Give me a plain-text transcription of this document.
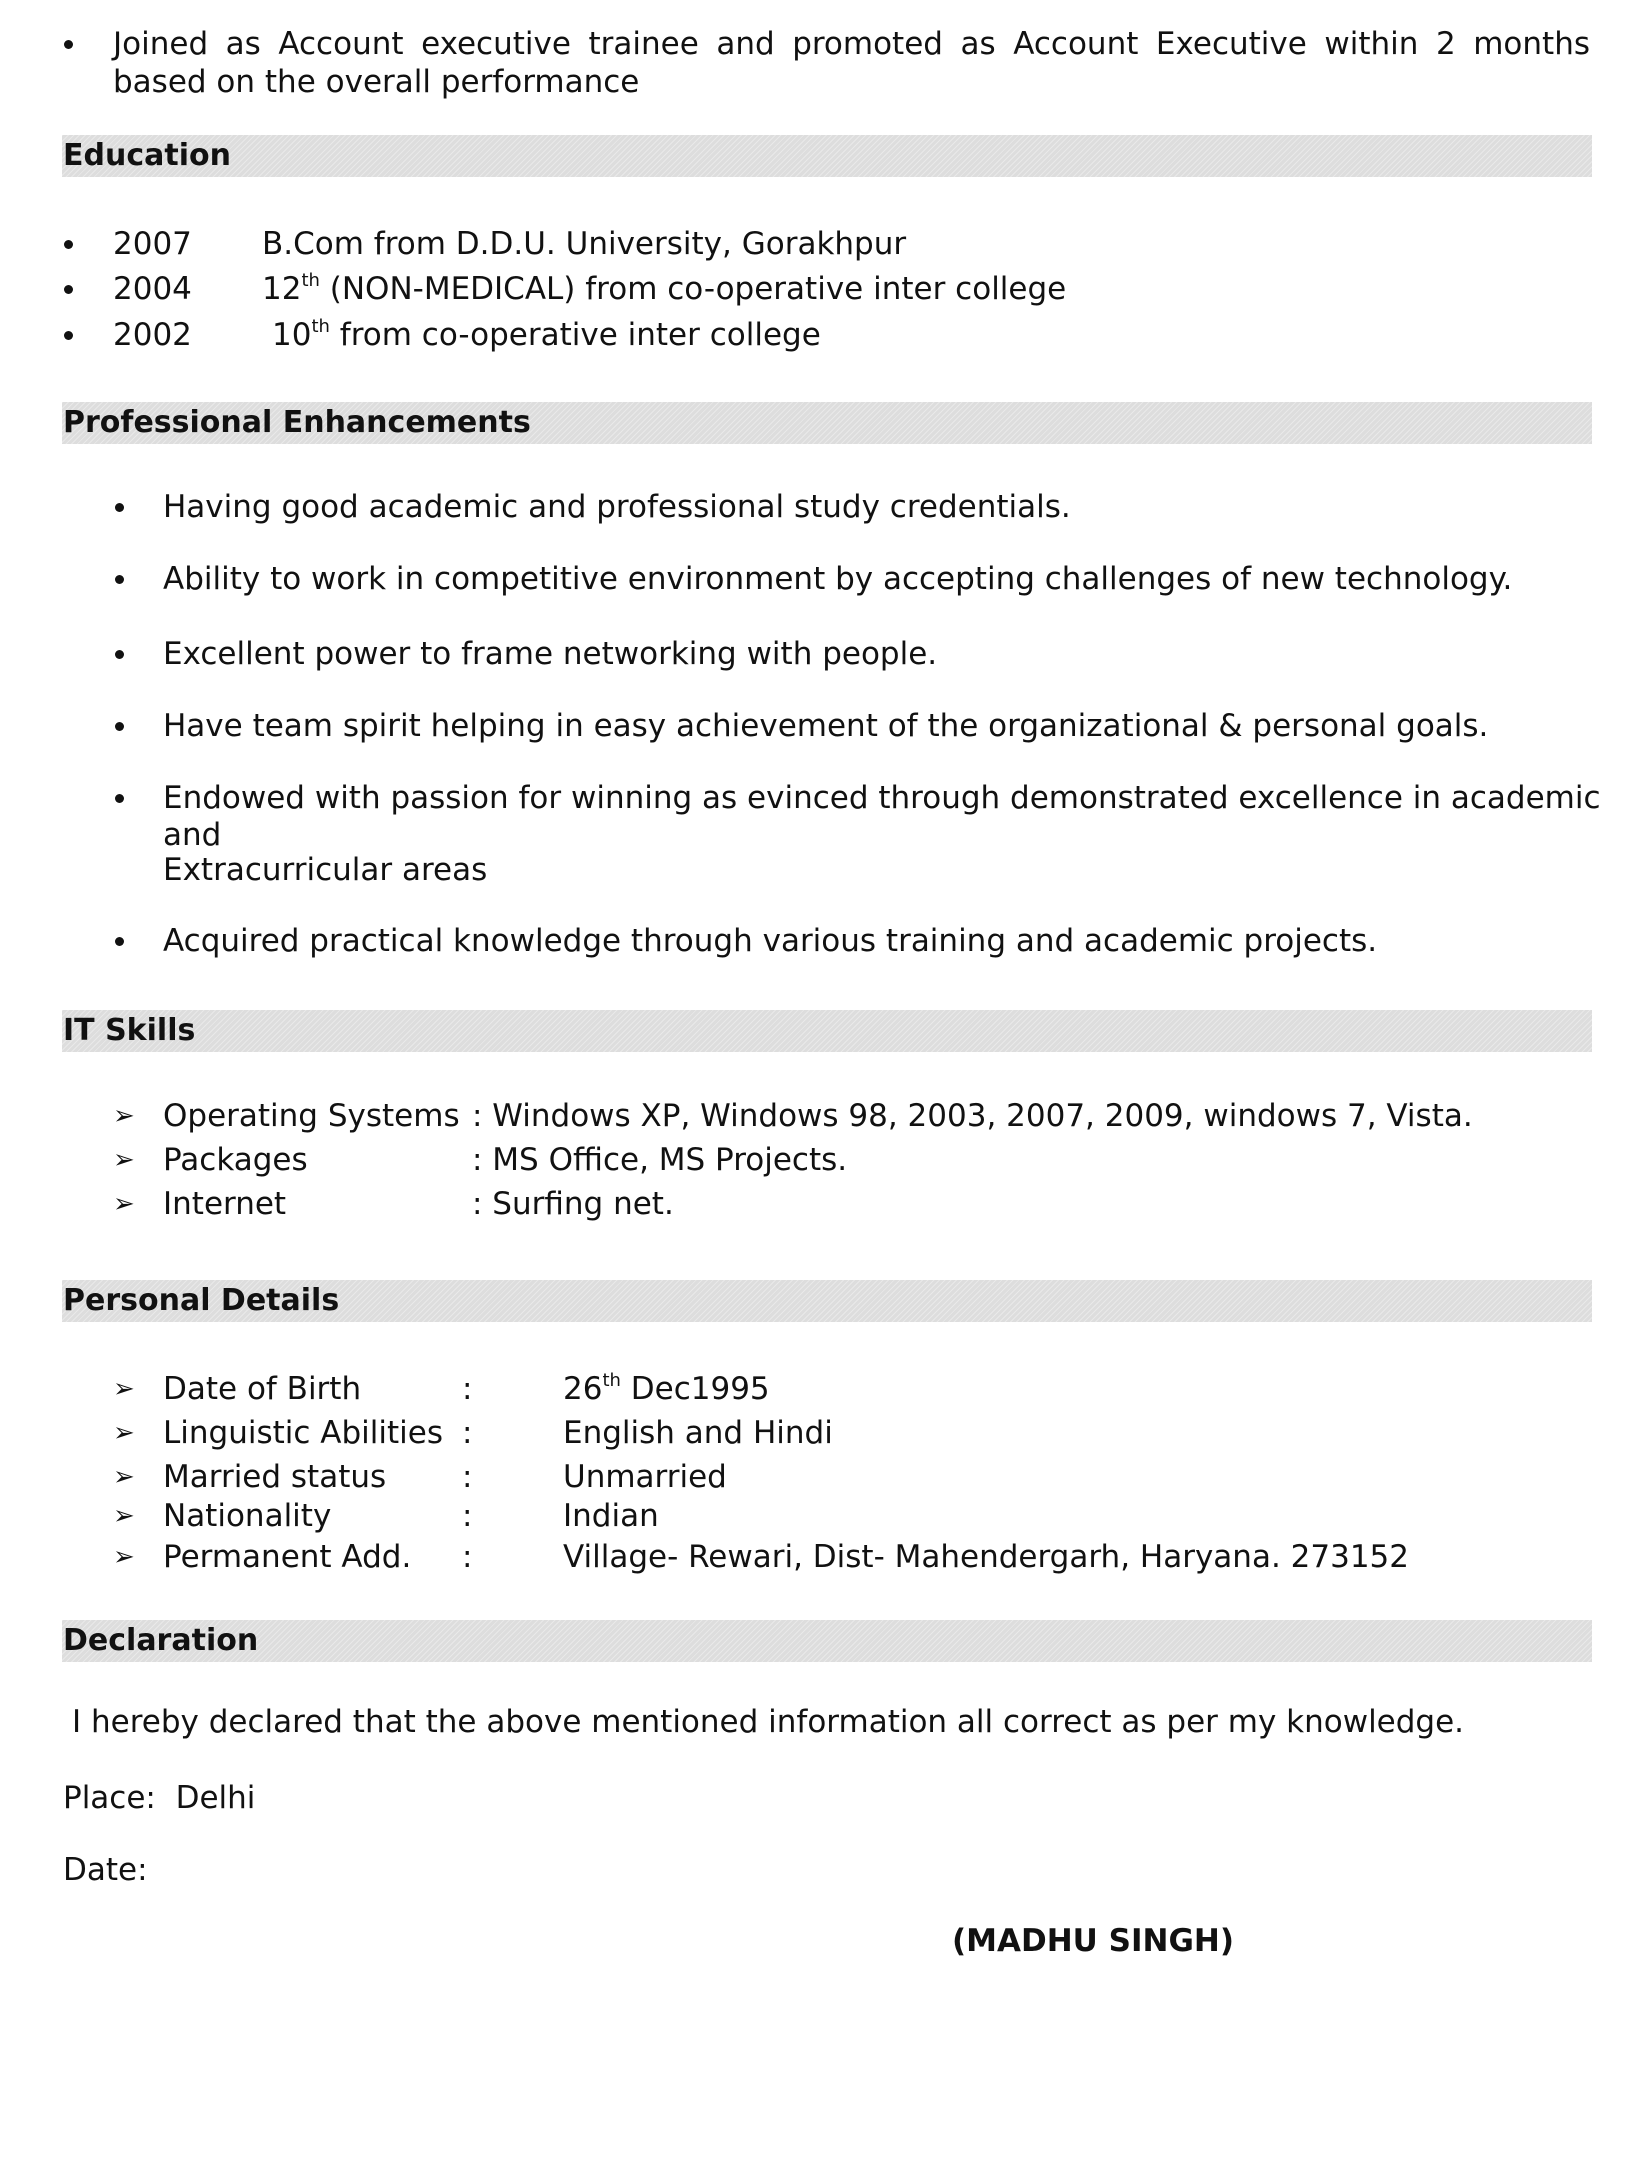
Joined as Account executive trainee and promoted as Account Executive within 2 months
based on the overall performance
Education
2007 B.Com from D.D.U. University, Gorakhpur
2004 12th (NON-MEDICAL) from co-operative inter college
2002	10th from co-operative inter college
Professional Enhancements
Having good academic and professional study credentials.
Ability to work in competitive environment by accepting challenges of new technology.
Excellent power to frame networking with people.
Have team spirit helping in easy achievement of the organizational & personal goals.
Endowed with passion for winning as evinced through demonstrated excellence in academic
and
Extracurricular areas
Acquired practical knowledge through various training and academic projects.
IT Skills
➢ Operating Systems : Windows XP, Windows 98, 2003, 2007, 2009, windows 7, Vista.
➢ Packages	: MS Office, MS Projects.
➢ Internet	: Surfing net.
Personal Details
➢ Date of Birth	:	26th Dec1995
➢ Linguistic Abilities :	English and Hindi
➢ Married status :	Unmarried
➢ Nationality	:	Indian
➢ Permanent Add. :	Village- Rewari, Dist- Mahendergarh, Haryana. 273152
Declaration
I hereby declared that the above mentioned information all correct as per my knowledge.
Place: Delhi
Date:
(MADHU SINGH)
